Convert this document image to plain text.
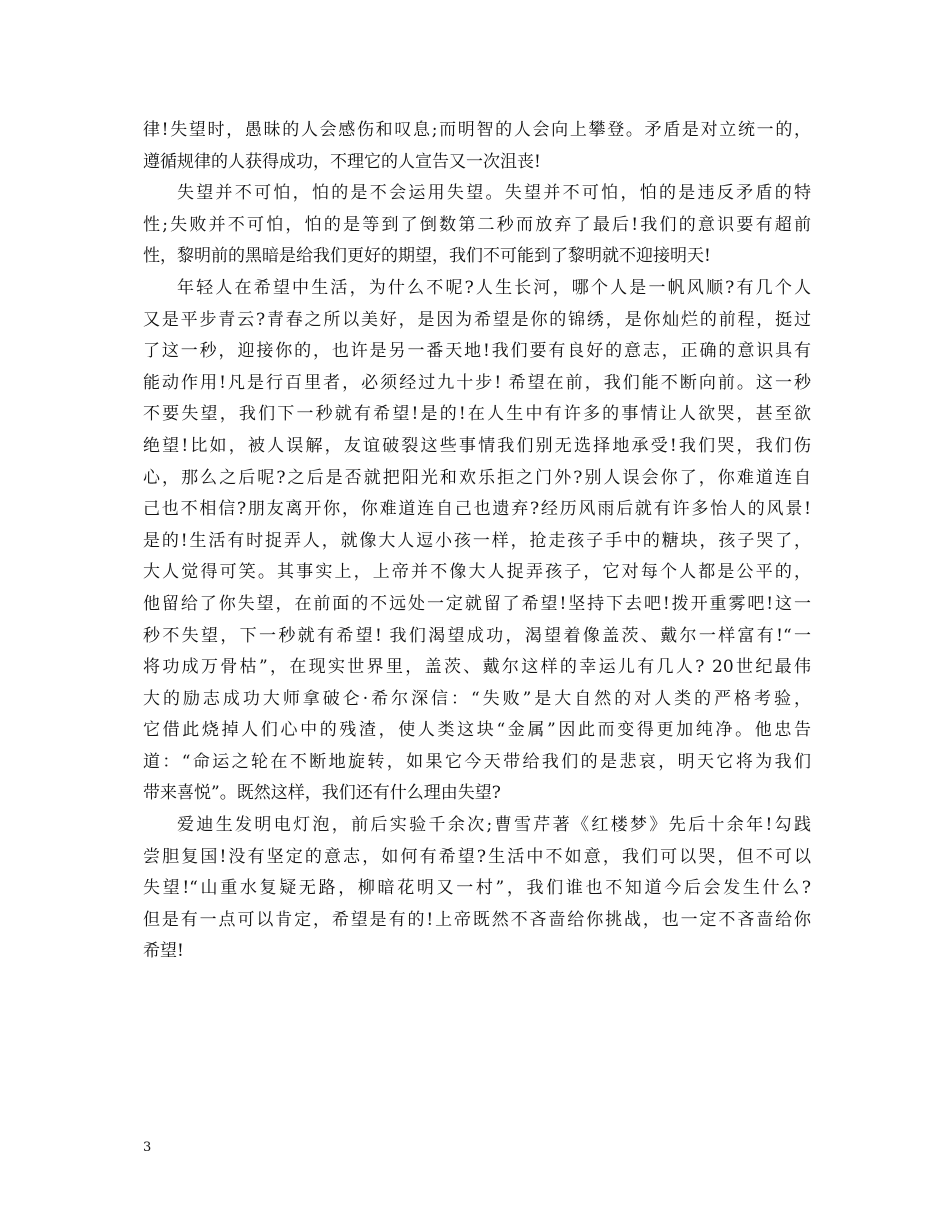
律!失望时，愚昧的人会感伤和叹息;而明智的人会向上攀登。矛盾是对立统一的，
遵循规律的人获得成功，不理它的人宣告又一次沮丧!
失望并不可怕，怕的是不会运用失望。失望并不可怕，怕的是违反矛盾的特
性;失败并不可怕，怕的是等到了倒数第二秒而放弃了最后!我们的意识要有超前
性，黎明前的黑暗是给我们更好的期望，我们不可能到了黎明就不迎接明天!
年轻人在希望中生活，为什么不呢?人生长河，哪个人是一帆风顺?有几个人
又是平步青云?青春之所以美好，是因为希望是你的锦绣，是你灿烂的前程，挺过
了这一秒，迎接你的，也许是另一番天地!我们要有良好的意志，正确的意识具有
能动作用!凡是行百里者，必须经过九十步! 希望在前，我们能不断向前。这一秒
不要失望，我们下一秒就有希望!是的!在人生中有许多的事情让人欲哭，甚至欲
绝望!比如，被人误解，友谊破裂这些事情我们别无选择地承受!我们哭，我们伤
心，那么之后呢?之后是否就把阳光和欢乐拒之门外?别人误会你了，你难道连自
己也不相信?朋友离开你，你难道连自己也遗弃?经历风雨后就有许多怡人的风景!
是的!生活有时捉弄人，就像大人逗小孩一样，抢走孩子手中的糖块，孩子哭了，
大人觉得可笑。其事实上，上帝并不像大人捉弄孩子，它对每个人都是公平的，
他留给了你失望，在前面的不远处一定就留了希望!坚持下去吧!拨开重雾吧!这一
秒不失望，下一秒就有希望! 我们渴望成功，渴望着像盖茨、戴尔一样富有!“一
将功成万骨枯”，在现实世界里，盖茨、戴尔这样的幸运儿有几人? 20世纪最伟
大的励志成功大师拿破仑·希尔深信：“失败”是大自然的对人类的严格考验，
它借此烧掉人们心中的残渣，使人类这块“金属”因此而变得更加纯净。他忠告
道：“命运之轮在不断地旋转，如果它今天带给我们的是悲哀，明天它将为我们
带来喜悦”。既然这样，我们还有什么理由失望?
爱迪生发明电灯泡，前后实验千余次;曹雪芹著《红楼梦》先后十余年!勾践
尝胆复国!没有坚定的意志，如何有希望?生活中不如意，我们可以哭，但不可以
失望!“山重水复疑无路，柳暗花明又一村”，我们谁也不知道今后会发生什么?
但是有一点可以肯定，希望是有的!上帝既然不吝啬给你挑战，也一定不吝啬给你
希望!
3
